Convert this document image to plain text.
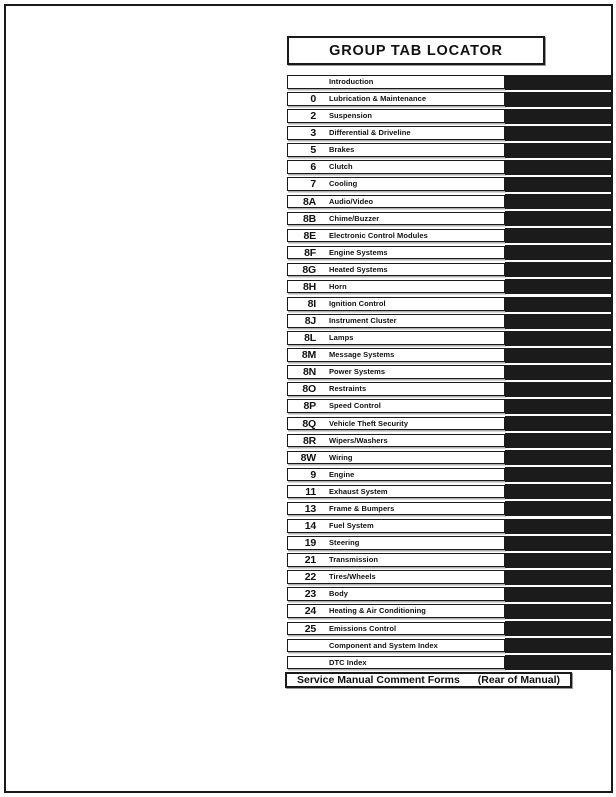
GROUP TAB LOCATOR
Introduction
0 Lubrication & Maintenance
2 Suspension
3 Differential & Driveline
5 Brakes
6 Clutch
7 Cooling
8A Audio/Video
8B Chime/Buzzer
8E Electronic Control Modules
8F Engine Systems
8G Heated Systems
8H Horn
8I Ignition Control
8J Instrument Cluster
8L Lamps
8M Message Systems
8N Power Systems
8O Restraints
8P Speed Control
8Q Vehicle Theft Security
8R Wipers/Washers
8W Wiring
9 Engine
11 Exhaust System
13 Frame & Bumpers
14 Fuel System
19 Steering
21 Transmission
22 Tires/Wheels
23 Body
24 Heating & Air Conditioning
25 Emissions Control
Component and System Index
DTC Index
Service Manual Comment Forms (Rear of Manual)
